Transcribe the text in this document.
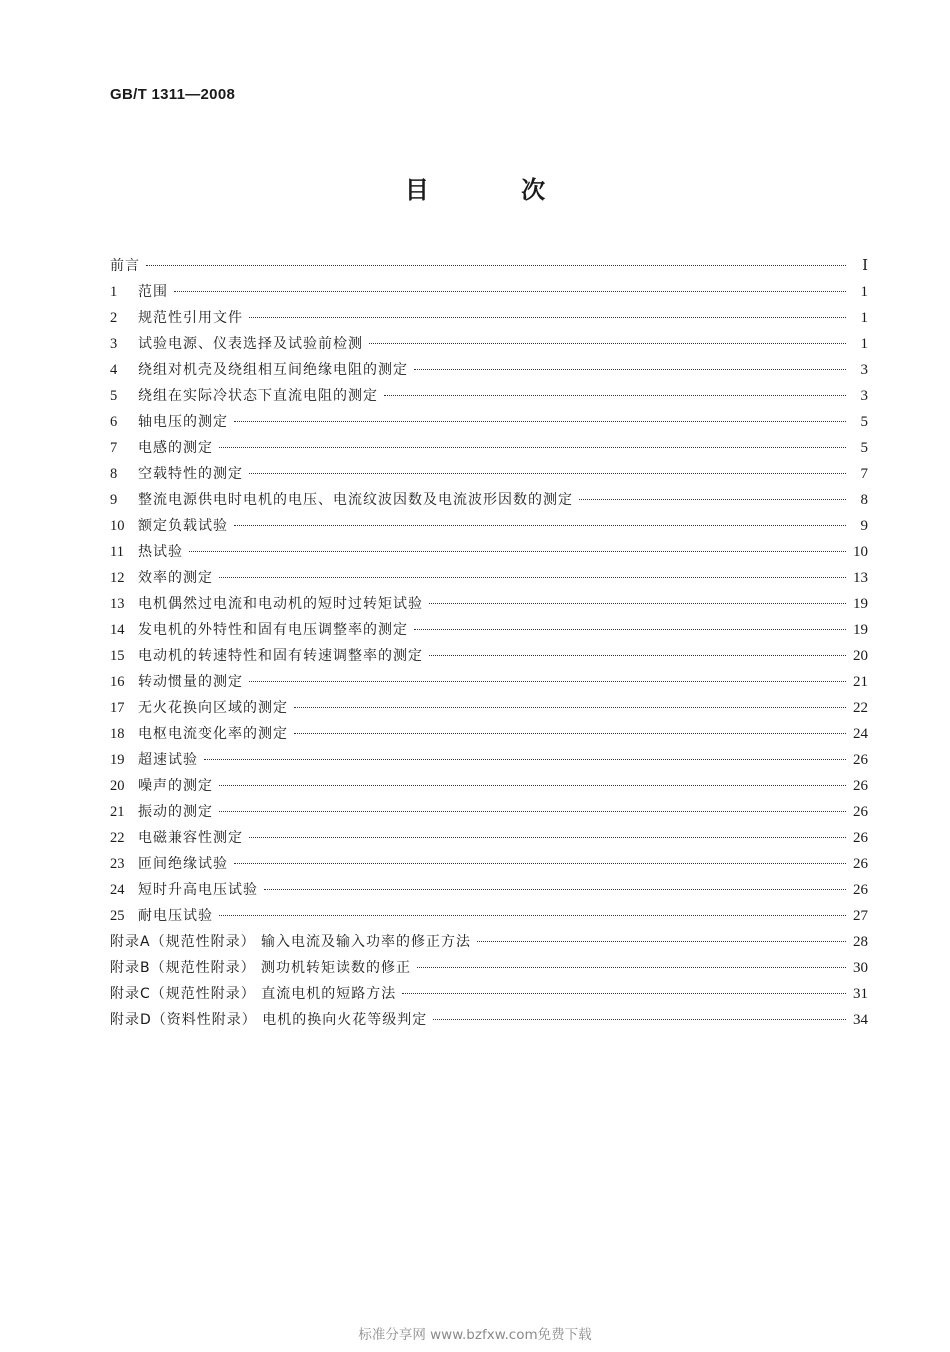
GB/T 1311—2008
目 次
前言	Ⅰ
1	范围	1
2	规范性引用文件	1
3	试验电源、仪表选择及试验前检测	1
4	绕组对机壳及绕组相互间绝缘电阻的测定	3
5	绕组在实际冷状态下直流电阻的测定	3
6	轴电压的测定	5
7	电感的测定	5
8	空载特性的测定	7
9	整流电源供电时电机的电压、电流纹波因数及电流波形因数的测定	8
10 额定负载试验	9
11	热试验	10
12 效率的测定	13
13 电机偶然过电流和电动机的短时过转矩试验	19
14 发电机的外特性和固有电压调整率的测定	19
15 电动机的转速特性和固有转速调整率的测定	20
16 转动惯量的测定	21
17 无火花换向区域的测定	22
18 电枢电流变化率的测定	24
19 超速试验	26
20 噪声的测定	26
21 振动的测定	26
22 电磁兼容性测定	26
23 匝间绝缘试验	26
24 短时升高电压试验	26
25 耐电压试验	27
附录A（规范性附录） 输入电流及输入功率的修正方法	28
附录B（规范性附录） 测功机转矩读数的修正	30
附录C（规范性附录） 直流电机的短路方法	31
附录D（资料性附录） 电机的换向火花等级判定	34
标准分享网 www.bzfxw.com免费下载
